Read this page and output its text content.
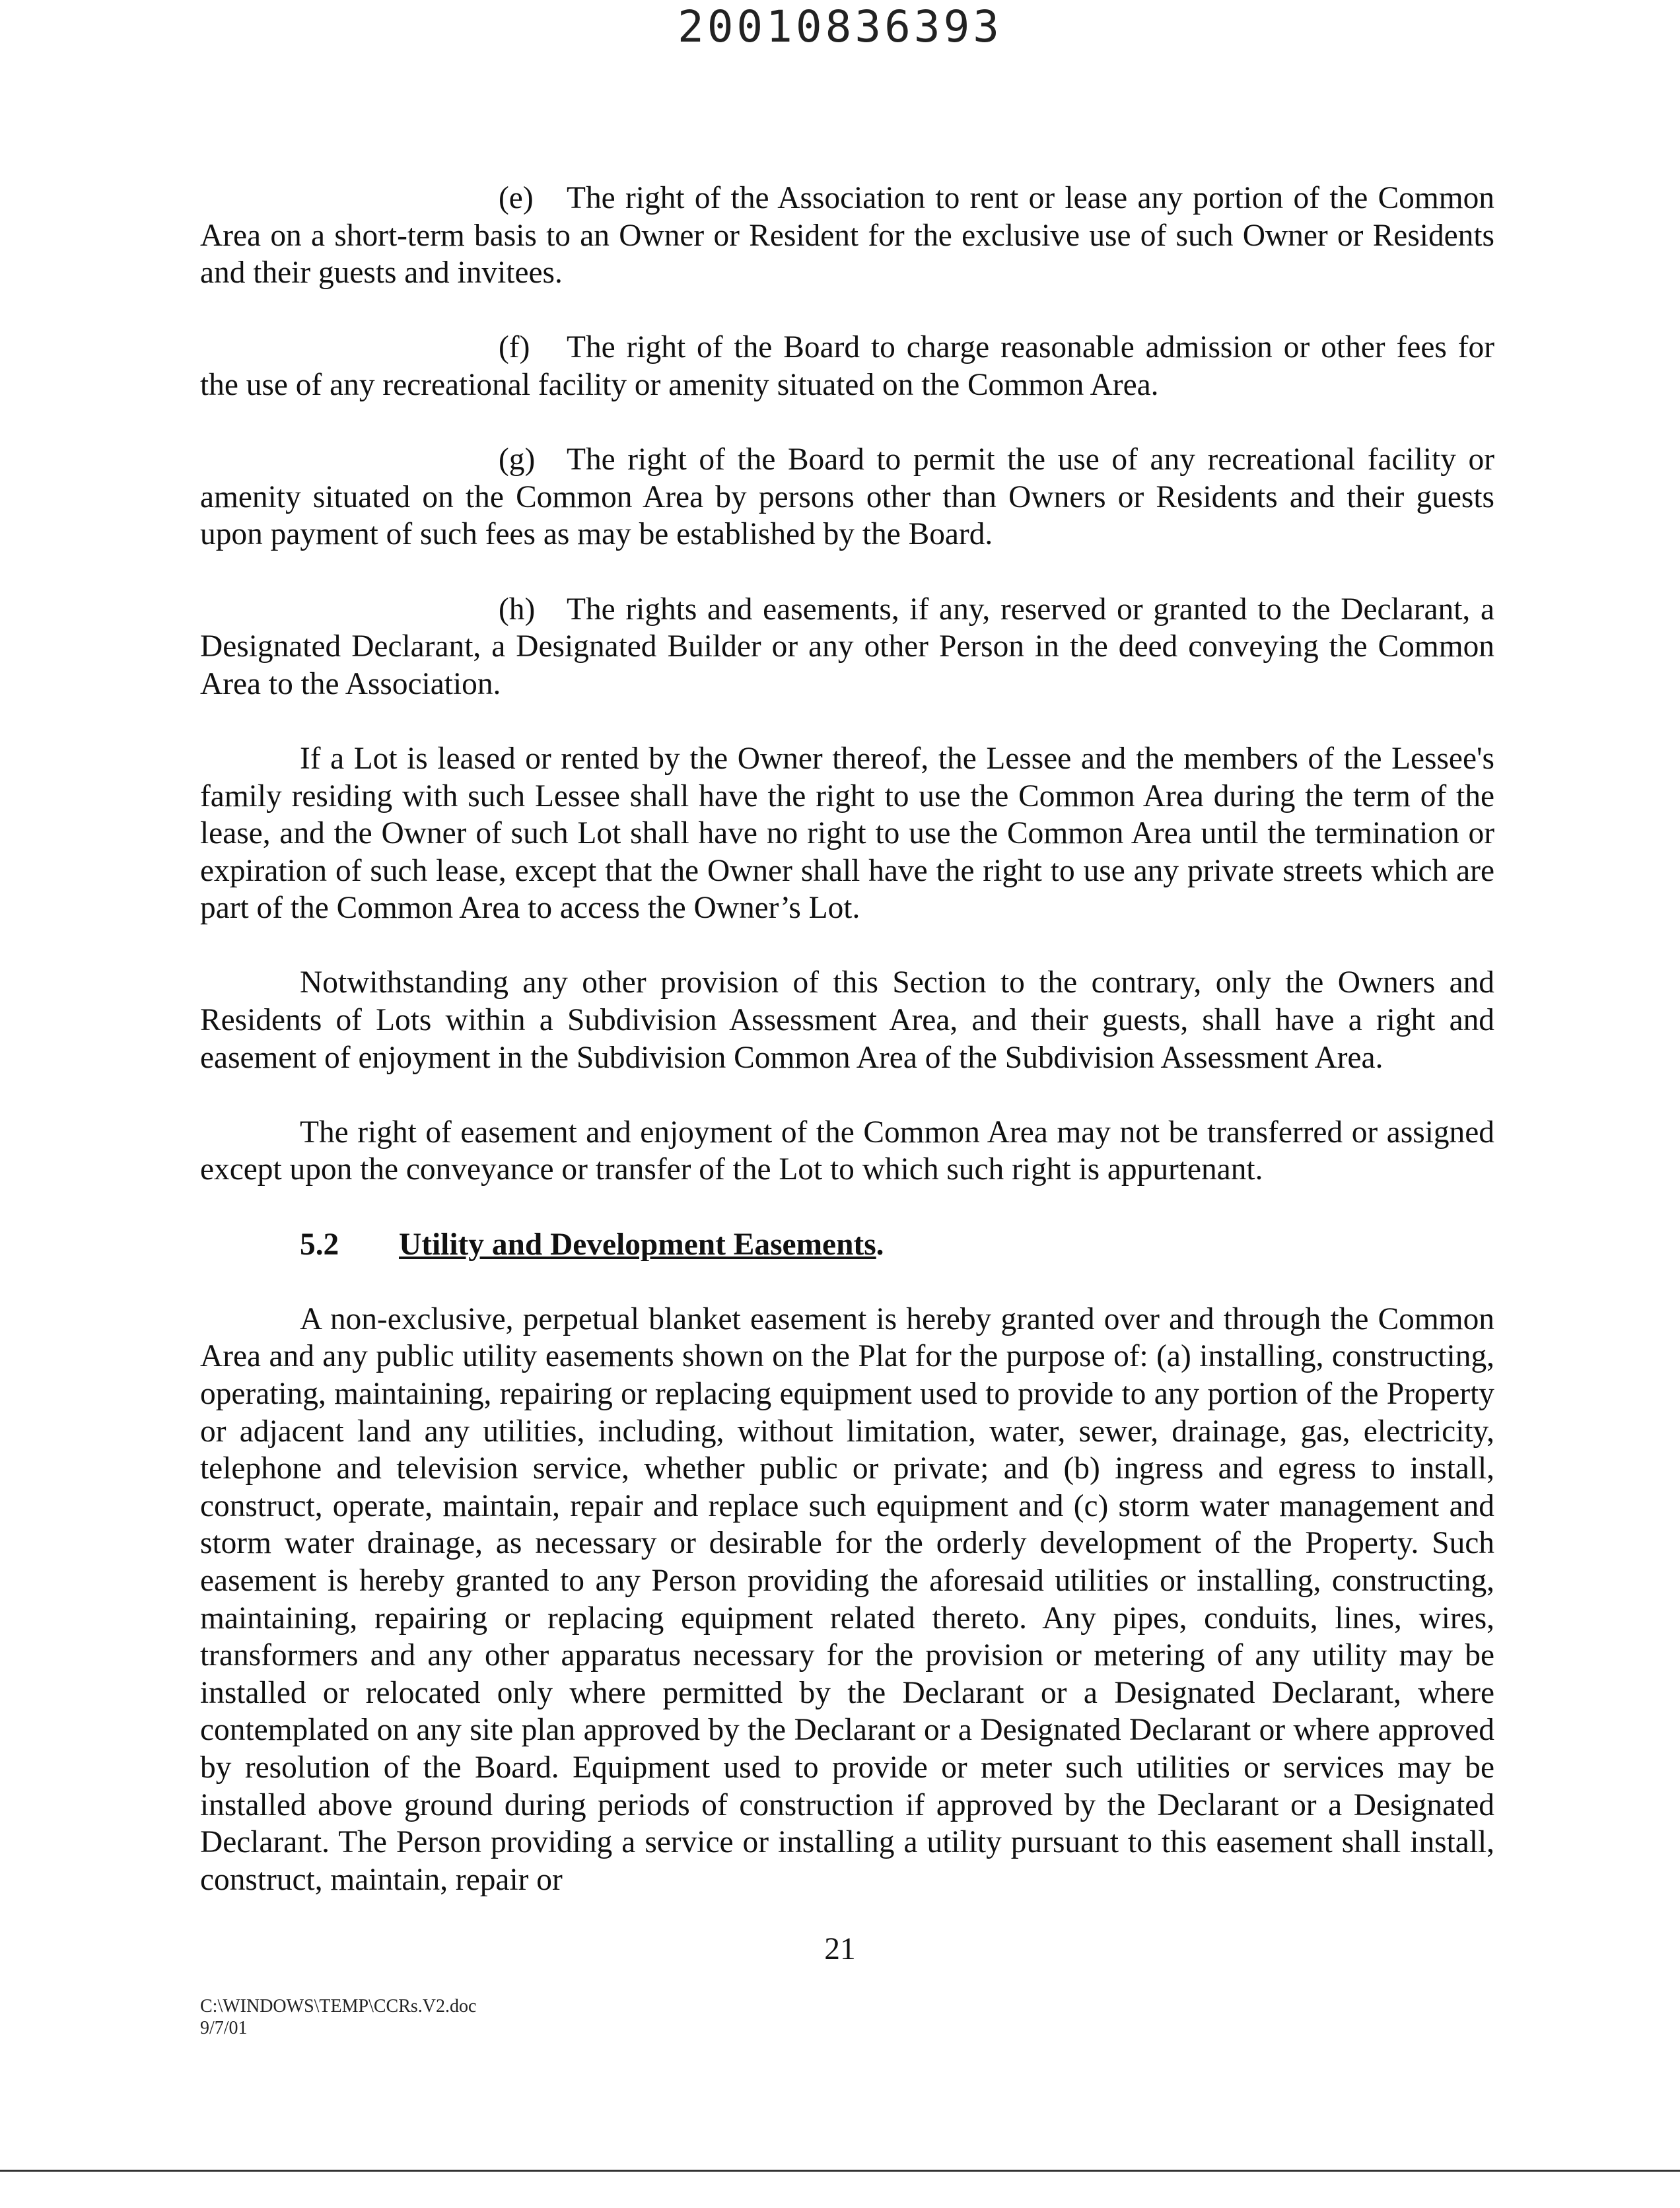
20010836393

(e) The right of the Association to rent or lease any portion of the Common Area on a short-term basis to an Owner or Resident for the exclusive use of such Owner or Residents and their guests and invitees.

(f) The right of the Board to charge reasonable admission or other fees for the use of any recreational facility or amenity situated on the Common Area.

(g) The right of the Board to permit the use of any recreational facility or amenity situated on the Common Area by persons other than Owners or Residents and their guests upon payment of such fees as may be established by the Board.

(h) The rights and easements, if any, reserved or granted to the Declarant, a Designated Declarant, a Designated Builder or any other Person in the deed conveying the Common Area to the Association.

If a Lot is leased or rented by the Owner thereof, the Lessee and the members of the Lessee's family residing with such Lessee shall have the right to use the Common Area during the term of the lease, and the Owner of such Lot shall have no right to use the Common Area until the termination or expiration of such lease, except that the Owner shall have the right to use any private streets which are part of the Common Area to access the Owner’s Lot.

Notwithstanding any other provision of this Section to the contrary, only the Owners and Residents of Lots within a Subdivision Assessment Area, and their guests, shall have a right and easement of enjoyment in the Subdivision Common Area of the Subdivision Assessment Area.

The right of easement and enjoyment of the Common Area may not be transferred or assigned except upon the conveyance or transfer of the Lot to which such right is appurtenant.

5.2 Utility and Development Easements.

A non-exclusive, perpetual blanket easement is hereby granted over and through the Common Area and any public utility easements shown on the Plat for the purpose of: (a) installing, constructing, operating, maintaining, repairing or replacing equipment used to provide to any portion of the Property or adjacent land any utilities, including, without limitation, water, sewer, drainage, gas, electricity, telephone and television service, whether public or private; and (b) ingress and egress to install, construct, operate, maintain, repair and replace such equipment and (c) storm water management and storm water drainage, as necessary or desirable for the orderly development of the Property. Such easement is hereby granted to any Person providing the aforesaid utilities or installing, constructing, maintaining, repairing or replacing equipment related thereto. Any pipes, conduits, lines, wires, transformers and any other apparatus necessary for the provision or metering of any utility may be installed or relocated only where permitted by the Declarant or a Designated Declarant, where contemplated on any site plan approved by the Declarant or a Designated Declarant or where approved by resolution of the Board. Equipment used to provide or meter such utilities or services may be installed above ground during periods of construction if approved by the Declarant or a Designated Declarant. The Person providing a service or installing a utility pursuant to this easement shall install, construct, maintain, repair or

21
C:\WINDOWS\TEMP\CCRs.V2.doc
9/7/01
